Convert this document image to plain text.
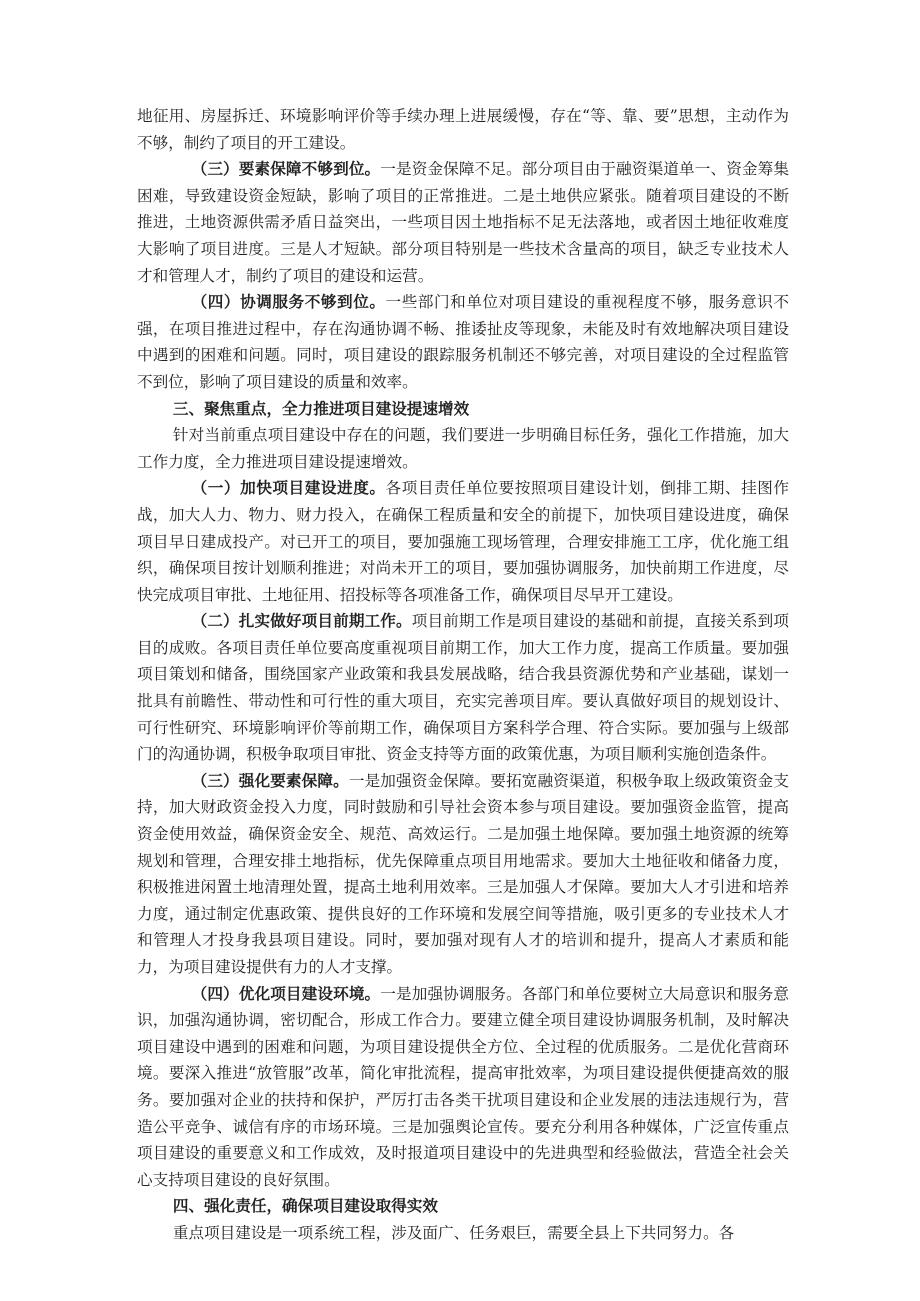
地征用、房屋拆迁、环境影响评价等手续办理上进展缓慢，存在“等、靠、要”思想，主动作为不够，制约了项目的开工建设。

（三）要素保障不够到位。一是资金保障不足。部分项目由于融资渠道单一、资金筹集困难，导致建设资金短缺，影响了项目的正常推进。二是土地供应紧张。随着项目建设的不断推进，土地资源供需矛盾日益突出，一些项目因土地指标不足无法落地，或者因土地征收难度大影响了项目进度。三是人才短缺。部分项目特别是一些技术含量高的项目，缺乏专业技术人才和管理人才，制约了项目的建设和运营。

（四）协调服务不够到位。一些部门和单位对项目建设的重视程度不够，服务意识不强，在项目推进过程中，存在沟通协调不畅、推诿扯皮等现象，未能及时有效地解决项目建设中遇到的困难和问题。同时，项目建设的跟踪服务机制还不够完善，对项目建设的全过程监管不到位，影响了项目建设的质量和效率。

三、聚焦重点，全力推进项目建设提速增效

针对当前重点项目建设中存在的问题，我们要进一步明确目标任务，强化工作措施，加大工作力度，全力推进项目建设提速增效。

（一）加快项目建设进度。各项目责任单位要按照项目建设计划，倒排工期、挂图作战，加大人力、物力、财力投入，在确保工程质量和安全的前提下，加快项目建设进度，确保项目早日建成投产。对已开工的项目，要加强施工现场管理，合理安排施工工序，优化施工组织，确保项目按计划顺利推进；对尚未开工的项目，要加强协调服务，加快前期工作进度，尽快完成项目审批、土地征用、招投标等各项准备工作，确保项目尽早开工建设。

（二）扎实做好项目前期工作。项目前期工作是项目建设的基础和前提，直接关系到项目的成败。各项目责任单位要高度重视项目前期工作，加大工作力度，提高工作质量。要加强项目策划和储备，围绕国家产业政策和我县发展战略，结合我县资源优势和产业基础，谋划一批具有前瞻性、带动性和可行性的重大项目，充实完善项目库。要认真做好项目的规划设计、可行性研究、环境影响评价等前期工作，确保项目方案科学合理、符合实际。要加强与上级部门的沟通协调，积极争取项目审批、资金支持等方面的政策优惠，为项目顺利实施创造条件。

（三）强化要素保障。一是加强资金保障。要拓宽融资渠道，积极争取上级政策资金支持，加大财政资金投入力度，同时鼓励和引导社会资本参与项目建设。要加强资金监管，提高资金使用效益，确保资金安全、规范、高效运行。二是加强土地保障。要加强土地资源的统筹规划和管理，合理安排土地指标，优先保障重点项目用地需求。要加大土地征收和储备力度，积极推进闲置土地清理处置，提高土地利用效率。三是加强人才保障。要加大人才引进和培养力度，通过制定优惠政策、提供良好的工作环境和发展空间等措施，吸引更多的专业技术人才和管理人才投身我县项目建设。同时，要加强对现有人才的培训和提升，提高人才素质和能力，为项目建设提供有力的人才支撑。

（四）优化项目建设环境。一是加强协调服务。各部门和单位要树立大局意识和服务意识，加强沟通协调，密切配合，形成工作合力。要建立健全项目建设协调服务机制，及时解决项目建设中遇到的困难和问题，为项目建设提供全方位、全过程的优质服务。二是优化营商环境。要深入推进“放管服”改革，简化审批流程，提高审批效率，为项目建设提供便捷高效的服务。要加强对企业的扶持和保护，严厉打击各类干扰项目建设和企业发展的违法违规行为，营造公平竞争、诚信有序的市场环境。三是加强舆论宣传。要充分利用各种媒体，广泛宣传重点项目建设的重要意义和工作成效，及时报道项目建设中的先进典型和经验做法，营造全社会关心支持项目建设的良好氛围。

四、强化责任，确保项目建设取得实效

重点项目建设是一项系统工程，涉及面广、任务艰巨，需要全县上下共同努力。各
